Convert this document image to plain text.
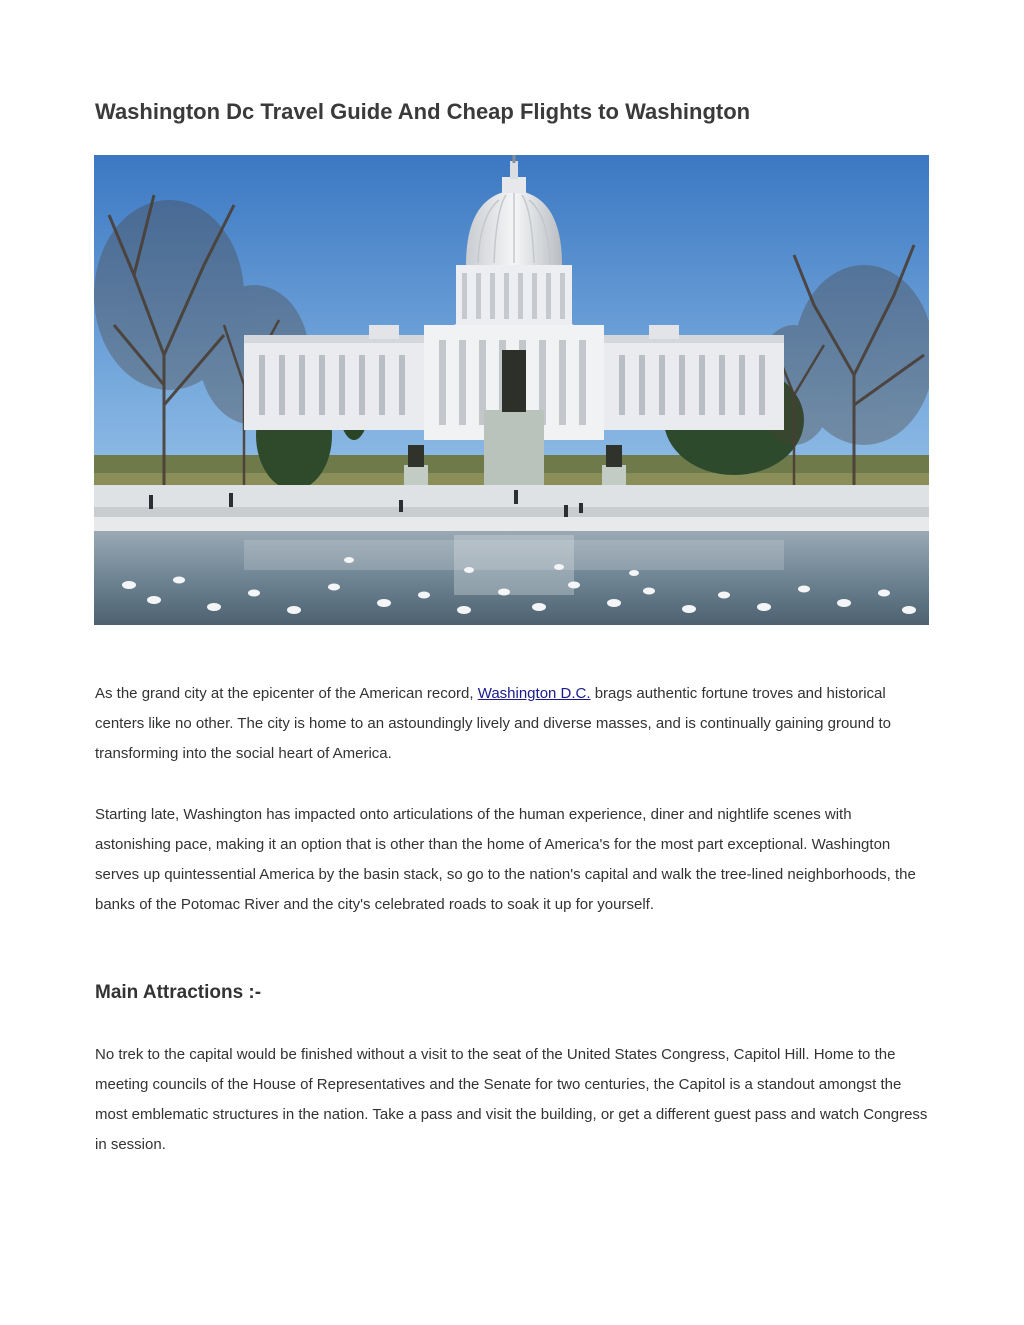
Washington Dc Travel Guide And Cheap Flights to Washington

As the grand city at the epicenter of the American record, Washington D.C. brags authentic fortune troves and historical centers like no other. The city is home to an astoundingly lively and diverse masses, and is continually gaining ground to transforming into the social heart of America.

Starting late, Washington has impacted onto articulations of the human experience, diner and nightlife scenes with astonishing pace, making it an option that is other than the home of America's for the most part exceptional. Washington serves up quintessential America by the basin stack, so go to the nation's capital and walk the tree-lined neighborhoods, the banks of the Potomac River and the city's celebrated roads to soak it up for yourself.

Main Attractions :-

No trek to the capital would be finished without a visit to the seat of the United States Congress, Capitol Hill. Home to the meeting councils of the House of Representatives and the Senate for two centuries, the Capitol is a standout amongst the most emblematic structures in the nation. Take a pass and visit the building, or get a different guest pass and watch Congress in session.
